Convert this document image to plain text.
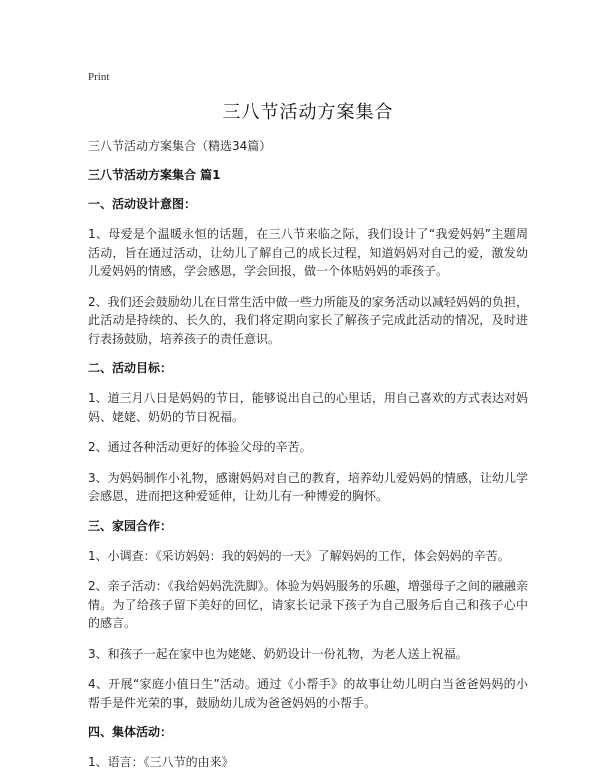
Print
三八节活动方案集合
三八节活动方案集合（精选34篇）
三八节活动方案集合 篇1
一、活动设计意图：

1、母爱是个温暖永恒的话题，在三八节来临之际，我们设计了“我爱妈妈”主题周活动，旨在通过活动，让幼儿了解自己的成长过程，知道妈妈对自己的爱，激发幼儿爱妈妈的情感，学会感恩，学会回报，做一个体贴妈妈的乖孩子。

2、我们还会鼓励幼儿在日常生活中做一些力所能及的家务活动以减轻妈妈的负担，此活动是持续的、长久的，我们将定期向家长了解孩子完成此活动的情况，及时进行表扬鼓励，培养孩子的责任意识。

二、活动目标：

1、道三月八日是妈妈的节日，能够说出自己的心里话，用自己喜欢的方式表达对妈妈、姥姥、奶奶的节日祝福。

2、通过各种活动更好的体验父母的辛苦。

3、为妈妈制作小礼物，感谢妈妈对自己的教育，培养幼儿爱妈妈的情感，让幼儿学会感恩，进而把这种爱延伸，让幼儿有一种博爱的胸怀。

三、家园合作：

1、小调查：《采访妈妈：我的妈妈的一天》了解妈妈的工作，体会妈妈的辛苦。

2、亲子活动：《我给妈妈洗洗脚》。体验为妈妈服务的乐趣，增强母子之间的融融亲情。为了给孩子留下美好的回忆，请家长记录下孩子为自己服务后自己和孩子心中的感言。

3、和孩子一起在家中也为姥姥、奶奶设计一份礼物，为老人送上祝福。

4、开展“家庭小值日生”活动。通过《小帮手》的故事让幼儿明白当爸爸妈妈的小帮手是件光荣的事，鼓励幼儿成为爸爸妈妈的小帮手。

四、集体活动：

1、语言：《三八节的由来》
